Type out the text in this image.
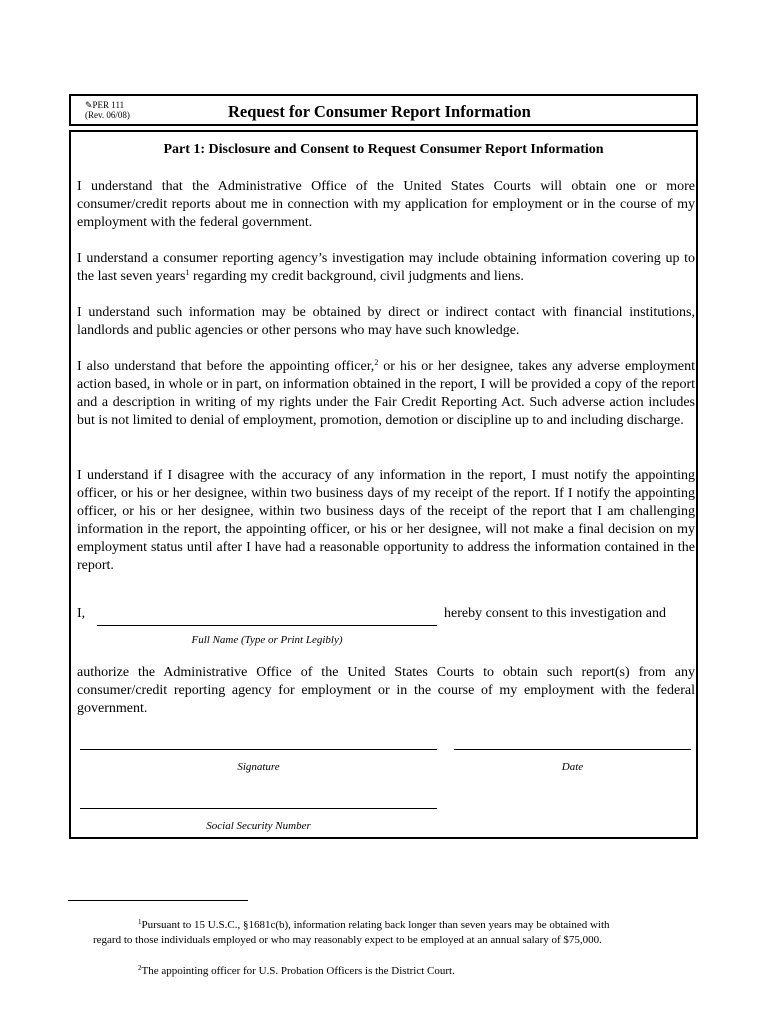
✎PER 111
(Rev. 06/08)	Request for Consumer Report Information
Part 1: Disclosure and Consent to Request Consumer Report Information

I understand that the Administrative Office of the United States Courts will obtain one or more consumer/credit reports about me in connection with my application for employment or in the course of my employment with the federal government.

I understand a consumer reporting agency’s investigation may include obtaining information covering up to the last seven years$^1$ regarding my credit background, civil judgments and liens.

I understand such information may be obtained by direct or indirect contact with financial institutions, landlords and public agencies or other persons who may have such knowledge.

I also understand that before the appointing officer,$^2$ or his or her designee, takes any adverse employment action based, in whole or in part, on information obtained in the report, I will be provided a copy of the report and a description in writing of my rights under the Fair Credit Reporting Act. Such adverse action includes but is not limited to denial of employment, promotion, demotion or discipline up to and including discharge.

I understand if I disagree with the accuracy of any information in the report, I must notify the appointing officer, or his or her designee, within two business days of my receipt of the report. If I notify the appointing officer, or his or her designee, within two business days of the receipt of the report that I am challenging information in the report, the appointing officer, or his or her designee, will not make a final decision on my employment status until after I have had a reasonable opportunity to address the information contained in the report.

I,	hereby consent to this investigation and
Full Name (Type or Print Legibly)

authorize the Administrative Office of the United States Courts to obtain such report(s) from any consumer/credit reporting agency for employment or in the course of my employment with the federal government.

Signature	Date
Social Security Number
$^1$Pursuant to 15 U.S.C., §1681c(b), information relating back longer than seven years may be obtained with
regard to those individuals employed or who may reasonably expect to be employed at an annual salary of $75,000.
$^2$The appointing officer for U.S. Probation Officers is the District Court.
